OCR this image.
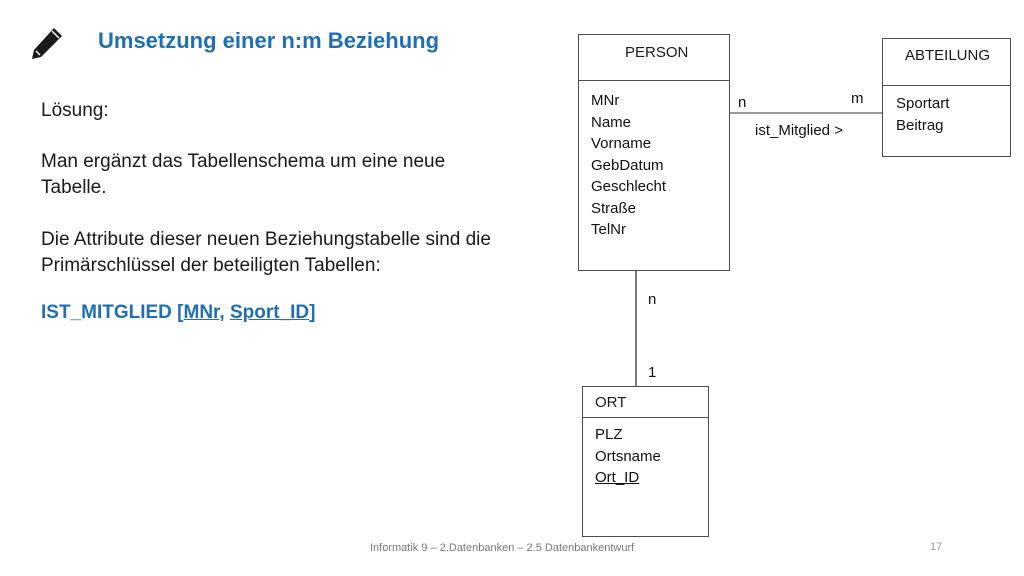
Umsetzung einer n:m Beziehung
Lösung:
Man ergänzt das Tabellenschema um eine neue Tabelle.
Die Attribute dieser neuen Beziehungstabelle sind die Primärschlüssel der beteiligten Tabellen:
IST_MITGLIED [MNr, Sport_ID]
PERSON
MNr
Name
Vorname
GebDatum
Geschlecht
Straße
TelNr
ABTEILUNG
Sportart
Beitrag
ORT
PLZ
Ortsname
Ort_ID
n	m
ist_Mitglied >
n
1
Informatik 9 – 2.Datenbanken – 2.5 Datenbankentwurf	17
